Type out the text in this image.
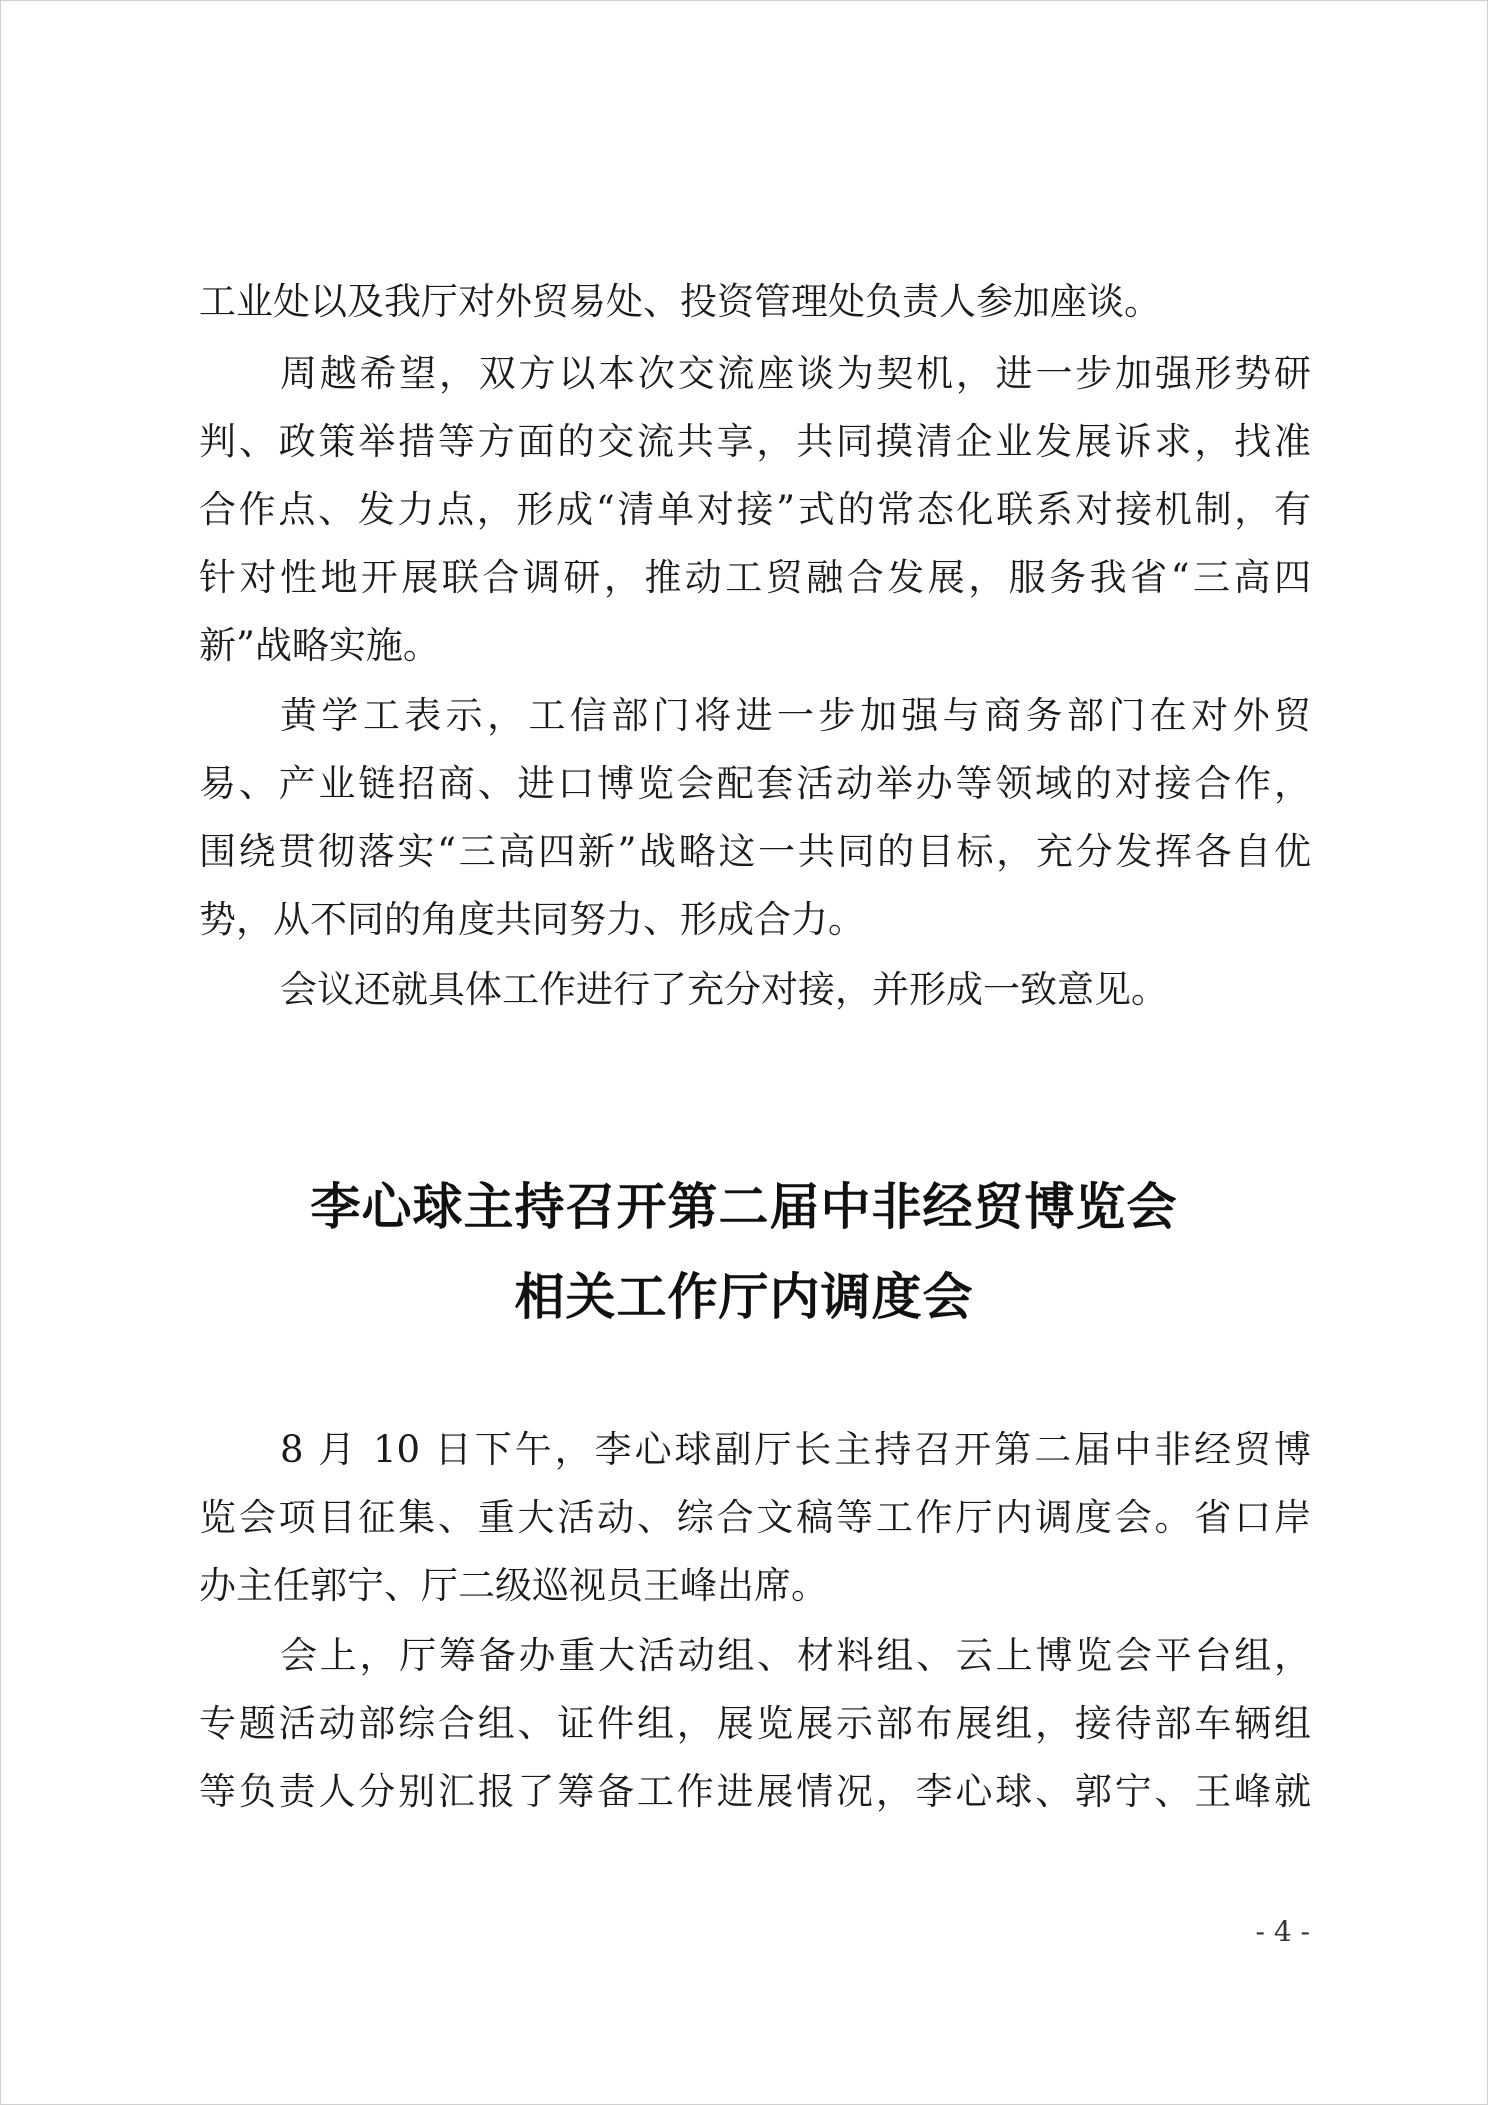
工业处以及我厅对外贸易处、投资管理处负责人参加座谈。
周越希望，双方以本次交流座谈为契机，进一步加强形势研
判、政策举措等方面的交流共享，共同摸清企业发展诉求，找准
合作点、发力点，形成“清单对接”式的常态化联系对接机制，有
针对性地开展联合调研，推动工贸融合发展，服务我省“三高四
新”战略实施。
黄学工表示，工信部门将进一步加强与商务部门在对外贸
易、产业链招商、进口博览会配套活动举办等领域的对接合作，
围绕贯彻落实“三高四新”战略这一共同的目标，充分发挥各自优
势，从不同的角度共同努力、形成合力。
会议还就具体工作进行了充分对接，并形成一致意见。
李心球主持召开第二届中非经贸博览会
相关工作厅内调度会
8 月 10 日下午，李心球副厅长主持召开第二届中非经贸博
览会项目征集、重大活动、综合文稿等工作厅内调度会。省口岸
办主任郭宁、厅二级巡视员王峰出席。
会上，厅筹备办重大活动组、材料组、云上博览会平台组，
专题活动部综合组、证件组，展览展示部布展组，接待部车辆组
等负责人分别汇报了筹备工作进展情况，李心球、郭宁、王峰就
- 4 -
